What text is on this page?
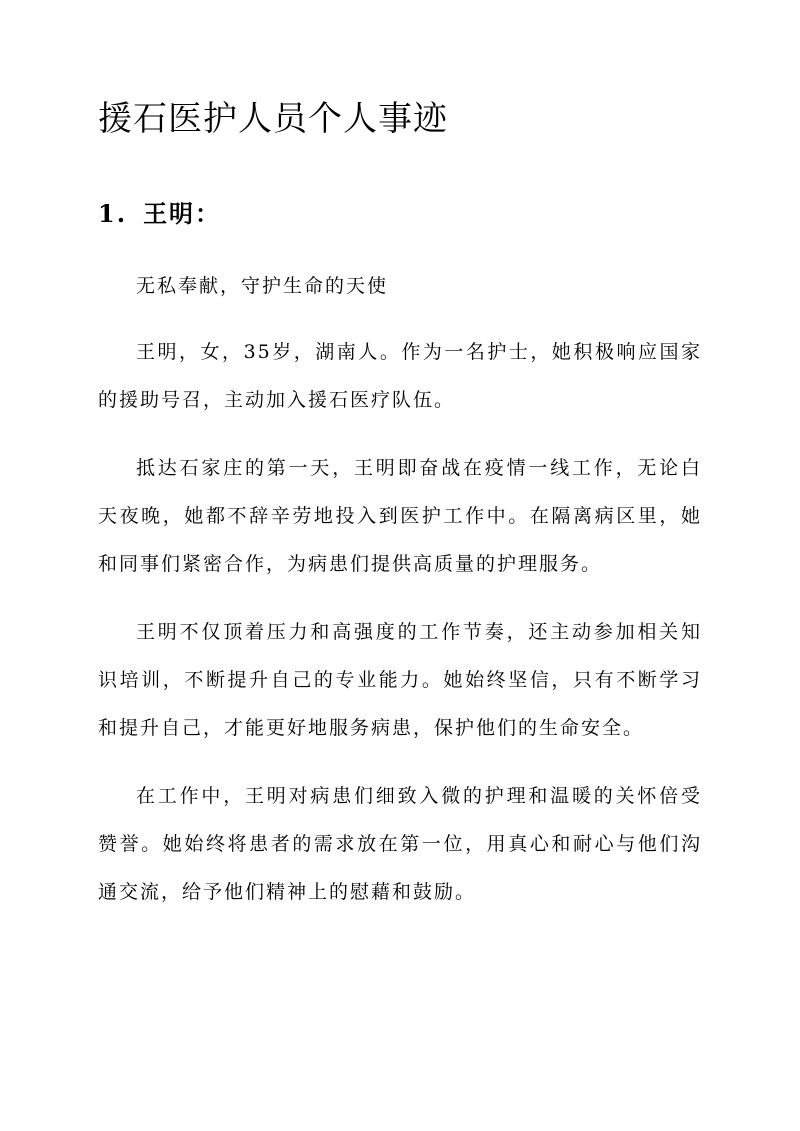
援石医护人员个人事迹
1. 王明：

无私奉献，守护生命的天使

王明，女，35岁，湖南人。作为一名护士，她积极响应国家的援助号召，主动加入援石医疗队伍。

抵达石家庄的第一天，王明即奋战在疫情一线工作，无论白天夜晚，她都不辞辛劳地投入到医护工作中。在隔离病区里，她和同事们紧密合作，为病患们提供高质量的护理服务。

王明不仅顶着压力和高强度的工作节奏，还主动参加相关知识培训，不断提升自己的专业能力。她始终坚信，只有不断学习和提升自己，才能更好地服务病患，保护他们的生命安全。

在工作中，王明对病患们细致入微的护理和温暖的关怀倍受赞誉。她始终将患者的需求放在第一位，用真心和耐心与他们沟通交流，给予他们精神上的慰藉和鼓励。
